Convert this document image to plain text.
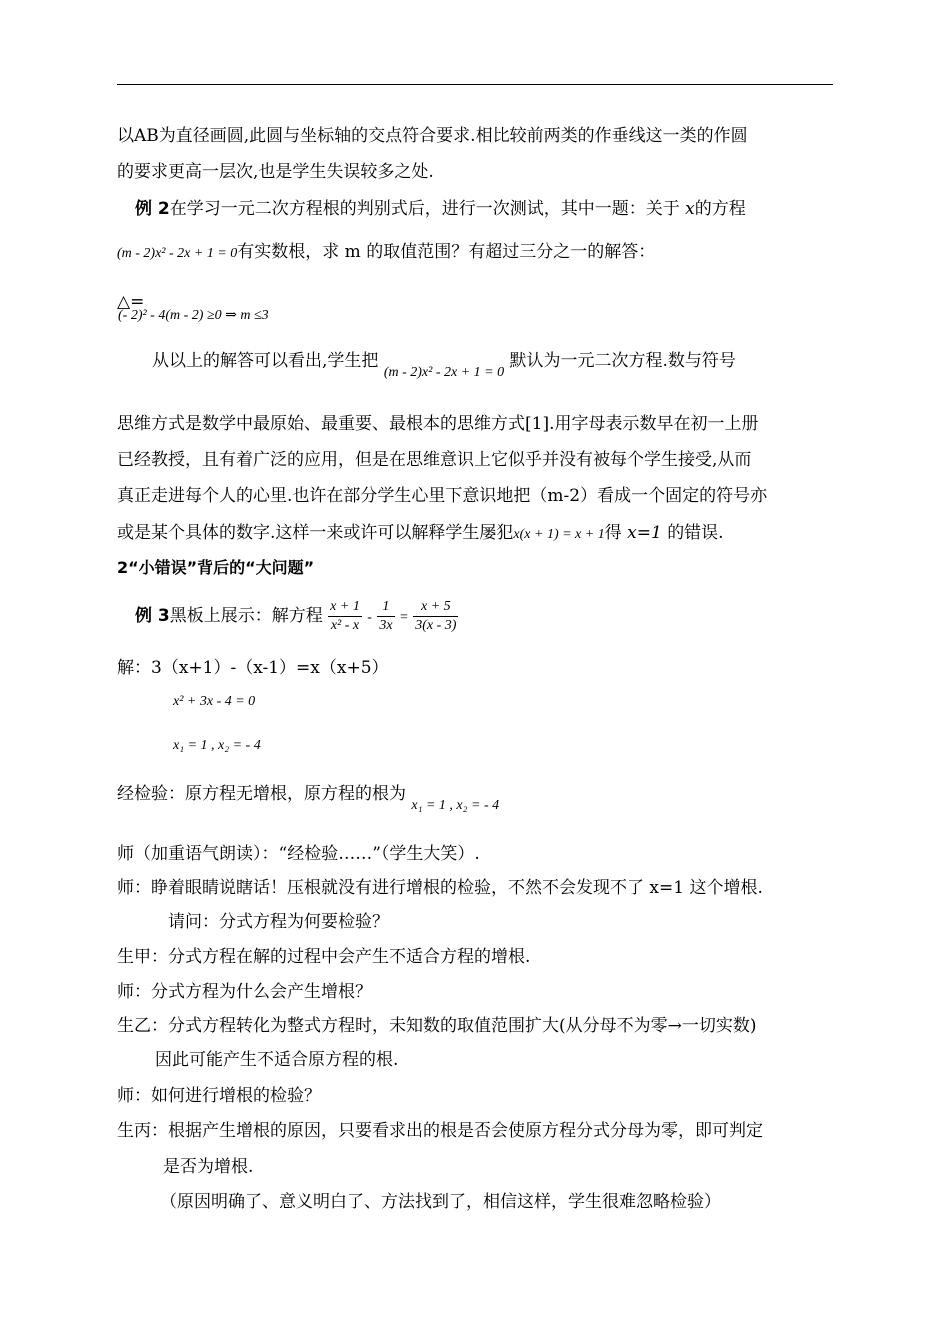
以AB为直径画圆,此圆与坐标轴的交点符合要求.相比较前两类的作垂线这一类的作圆
的要求更高一层次,也是学生失误较多之处.
例 2在学习一元二次方程根的判别式后，进行一次测试，其中一题：关于 x的方程
(m - 2)x² - 2x + 1 = 0有实数根，求 m 的取值范围？有超过三分之一的解答：
△=
(- 2)² - 4(m - 2) ≥0 ⇒ m ≤3
从以上的解答可以看出,学生把 $_{(m - 2)x^2 - 2x + 1 = 0}$ 默认为一元二次方程.数与符号
思维方式是数学中最原始、最重要、最根本的思维方式[1].用字母表示数早在初一上册
已经教授，且有着广泛的应用，但是在思维意识上它似乎并没有被每个学生接受,从而
真正走进每个人的心里.也许在部分学生心里下意识地把（m-2）看成一个固定的符号亦
或是某个具体的数字.这样一来或许可以解释学生屡犯x(x + 1) = x + 1得 x=1 的错误.
2“小错误”背后的“大问题”
例 3黑板上展示：解方程 $\frac{x + 1}{\text{x² - x}} - \frac{1}{3x} = \frac{x + 5}{3(x - 3)}$
解：3（x+1）-（x-1）=x（x+5）
x² + 3x - 4 = 0
x₁ = 1 , x₂ = - 4
经检验：原方程无增根，原方程的根为 $_{x_1 = 1 , x_2 = - 4}$
师（加重语气朗读）：“经检验……”（学生大笑）.
师：睁着眼睛说瞎话！压根就没有进行增根的检验，不然不会发现不了 x=1 这个增根.
请问：分式方程为何要检验？
生甲：分式方程在解的过程中会产生不适合方程的增根.
师：分式方程为什么会产生增根？
生乙：分式方程转化为整式方程时，未知数的取值范围扩大(从分母不为零→一切实数)
因此可能产生不适合原方程的根.
师：如何进行增根的检验？
生丙：根据产生增根的原因，只要看求出的根是否会使原方程分式分母为零，即可判定
是否为增根.
（原因明确了、意义明白了、方法找到了，相信这样，学生很难忽略检验）
